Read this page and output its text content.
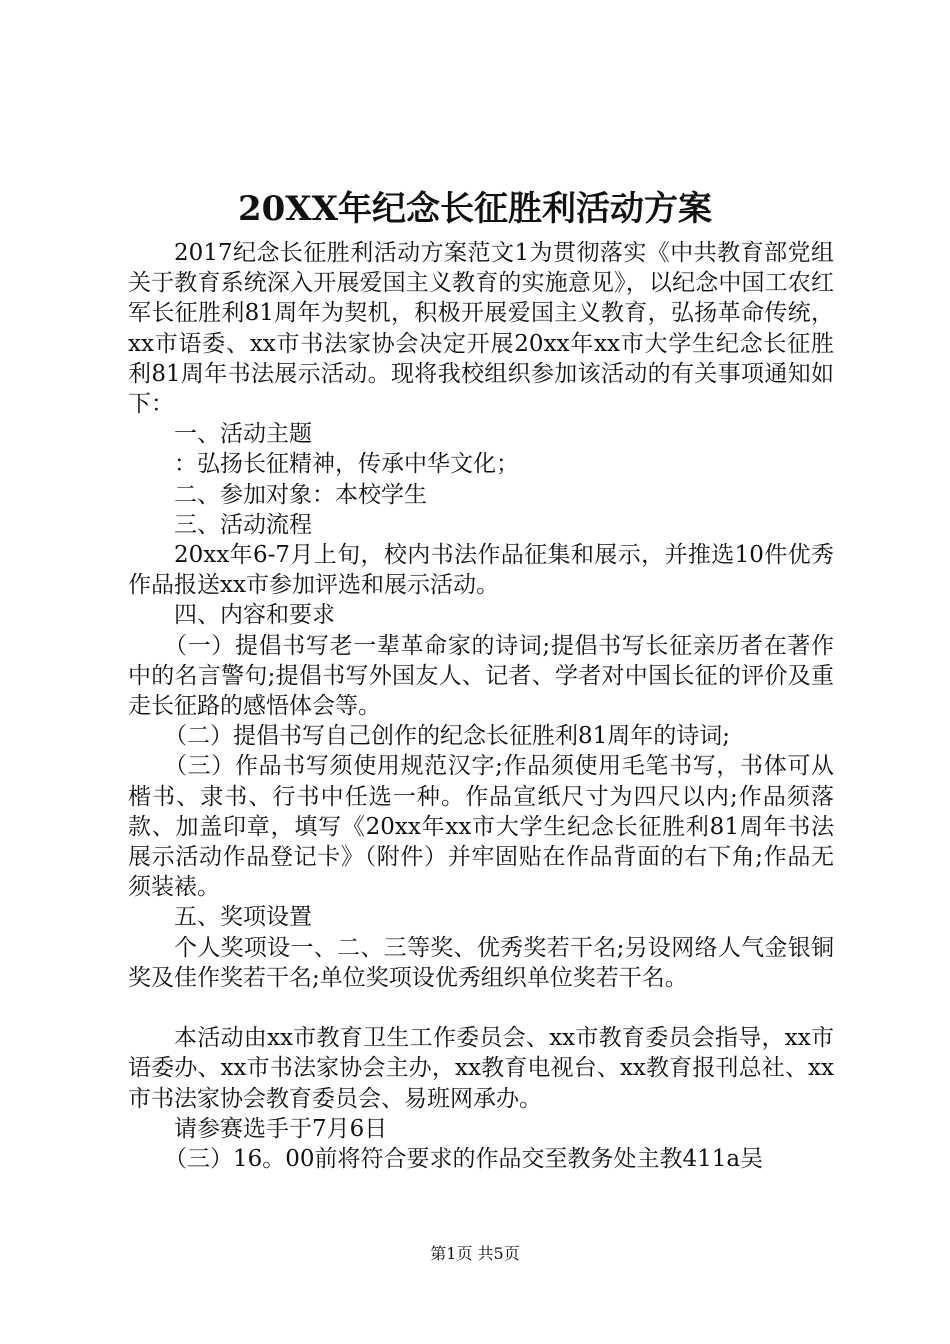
20XX年纪念长征胜利活动方案

2017纪念长征胜利活动方案范文1为贯彻落实《中共教育部党组关于教育系统深入开展爱国主义教育的实施意见》，以纪念中国工农红军长征胜利81周年为契机，积极开展爱国主义教育，弘扬革命传统，xx市语委、xx市书法家协会决定开展20xx年xx市大学生纪念长征胜利81周年书法展示活动。现将我校组织参加该活动的有关事项通知如下：

一、活动主题

：弘扬长征精神，传承中华文化；

二、参加对象：本校学生

三、活动流程

20xx年6-7月上旬，校内书法作品征集和展示，并推选10件优秀作品报送xx市参加评选和展示活动。

四、内容和要求

（一）提倡书写老一辈革命家的诗词;提倡书写长征亲历者在著作中的名言警句;提倡书写外国友人、记者、学者对中国长征的评价及重走长征路的感悟体会等。

（二）提倡书写自己创作的纪念长征胜利81周年的诗词;

（三）作品书写须使用规范汉字;作品须使用毛笔书写，书体可从楷书、隶书、行书中任选一种。作品宣纸尺寸为四尺以内;作品须落款、加盖印章，填写《20xx年xx市大学生纪念长征胜利81周年书法展示活动作品登记卡》（附件）并牢固贴在作品背面的右下角;作品无须装裱。

五、奖项设置

个人奖项设一、二、三等奖、优秀奖若干名;另设网络人气金银铜奖及佳作奖若干名;单位奖项设优秀组织单位奖若干名。

本活动由xx市教育卫生工作委员会、xx市教育委员会指导，xx市语委办、xx市书法家协会主办，xx教育电视台、xx教育报刊总社、xx市书法家协会教育委员会、易班网承办。

请参赛选手于7月6日

（三）16。00前将符合要求的作品交至教务处主教411a吴

第1页 共5页
